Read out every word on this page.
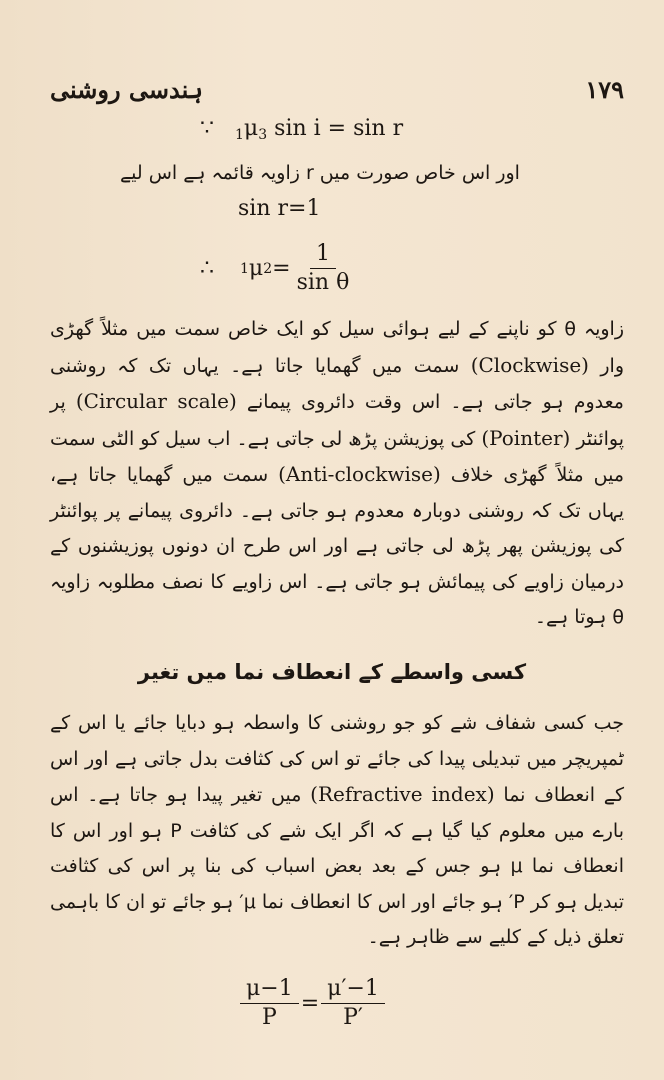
ہندسی روشنی	۱۷۹
∵ $_1\mu_3$ sin i = sin r
اور اس خاص صورت میں r زاویہ قائمہ ہے اس لیے
sin r=1
∴ 1 μ $2 = \frac{1}{\text{sin θ}}$
زاویہ θ کو ناپنے کے لیے ہوائی سیل کو ایک خاص سمت میں مثلاً گھڑی وار (Clockwise) سمت میں گھمایا جاتا ہے۔ یہاں تک کہ روشنی معدوم ہو جاتی ہے۔ اس وقت دائروی پیمانے (Circular scale) پر پوائنٹر (Pointer) کی پوزیشن پڑھ لی جاتی ہے۔ اب سیل کو الٹی سمت میں مثلاً گھڑی خلاف (Anti-clockwise) سمت میں گھمایا جاتا ہے، یہاں تک کہ روشنی دوبارہ معدوم ہو جاتی ہے۔ دائروی پیمانے پر پوائنٹر کی پوزیشن پھر پڑھ لی جاتی ہے اور اس طرح ان دونوں پوزیشنوں کے درمیان زاویے کی پیمائش ہو جاتی ہے۔ اس زاویے کا نصف مطلوبہ زاویہ θ ہوتا ہے۔
کسی واسطے کے انعطاف نما میں تغیر
جب کسی شفاف شے کو جو روشنی کا واسطہ ہو دبایا جائے یا اس کے ٹمپریچر میں تبدیلی پیدا کی جائے تو اس کی کثافت بدل جاتی ہے اور اس کے انعطاف نما (Refractive index) میں تغیر پیدا ہو جاتا ہے۔ اس بارے میں معلوم کیا گیا ہے کہ اگر ایک شے کی کثافت P ہو اور اس کا انعطاف نما μ ہو جس کے بعد بعض اسباب کی بنا پر اس کی کثافت تبدیل ہو کر P′ ہو جائے اور اس کا انعطاف نما μ′ ہو جائے تو ان کا باہمی تعلق ذیل کے کلیے سے ظاہر ہے۔
$\frac{\mu-1}{P} = \frac{\mu'-1}{P'}$
